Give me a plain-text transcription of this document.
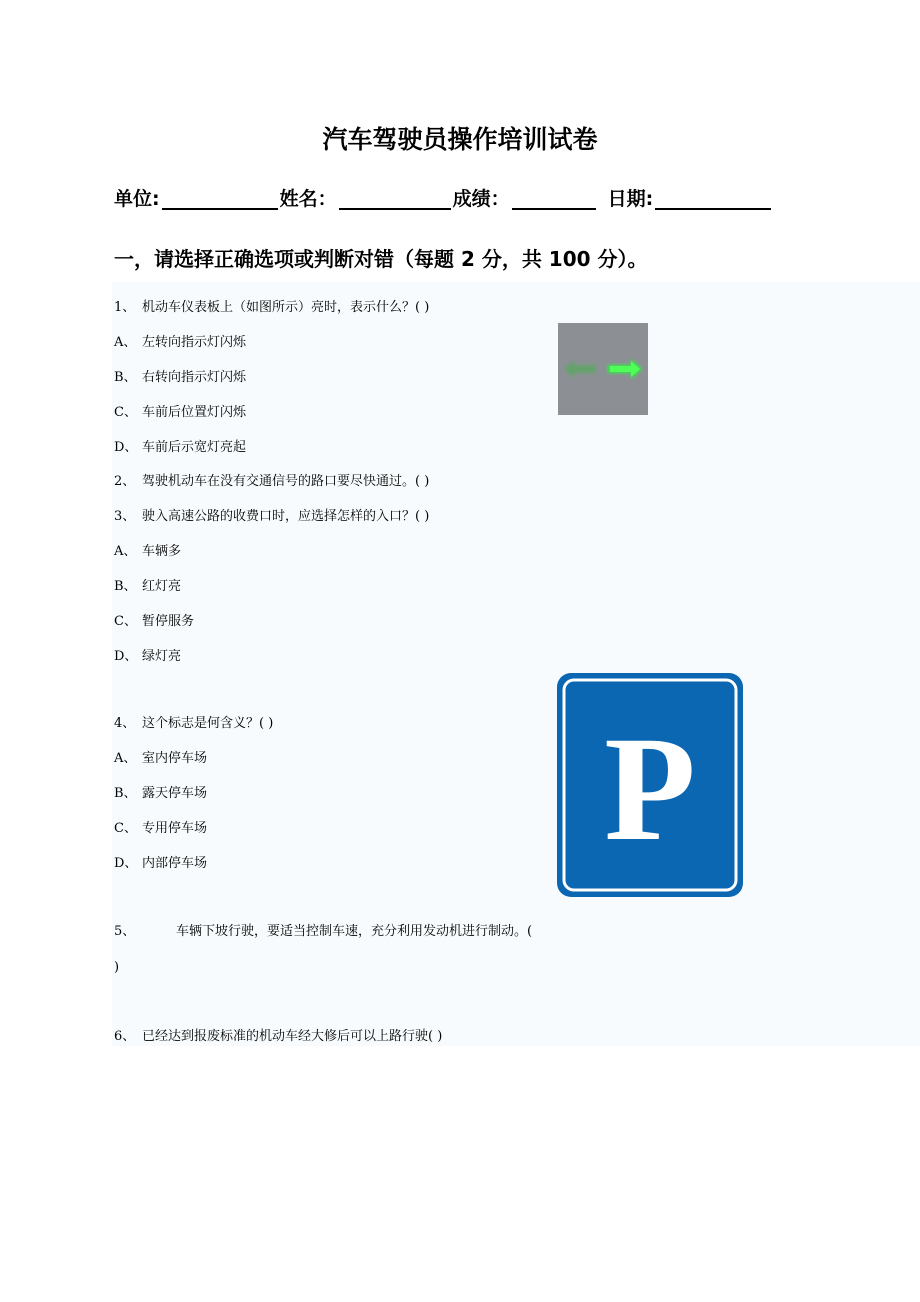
汽车驾驶员操作培训试卷
单位:	姓名：	成绩：	日期:
一，请选择正确选项或判断对错（每题 2 分，共 100 分）。
1、 机动车仪表板上（如图所示）亮时，表示什么？( )
A、 左转向指示灯闪烁
B、 右转向指示灯闪烁
C、 车前后位置灯闪烁
D、 车前后示宽灯亮起
2、 驾驶机动车在没有交通信号的路口要尽快通过。( )
3、 驶入高速公路的收费口时，应选择怎样的入口？( )
A、 车辆多
B、 红灯亮
C、 暂停服务
D、 绿灯亮
P
4、 这个标志是何含义？( )
A、 室内停车场
B、 露天停车场
C、 专用停车场
D、 内部停车场
5、	车辆下坡行驶，要适当控制车速，充分利用发动机进行制动。(
)
6、 已经达到报废标准的机动车经大修后可以上路行驶( )
